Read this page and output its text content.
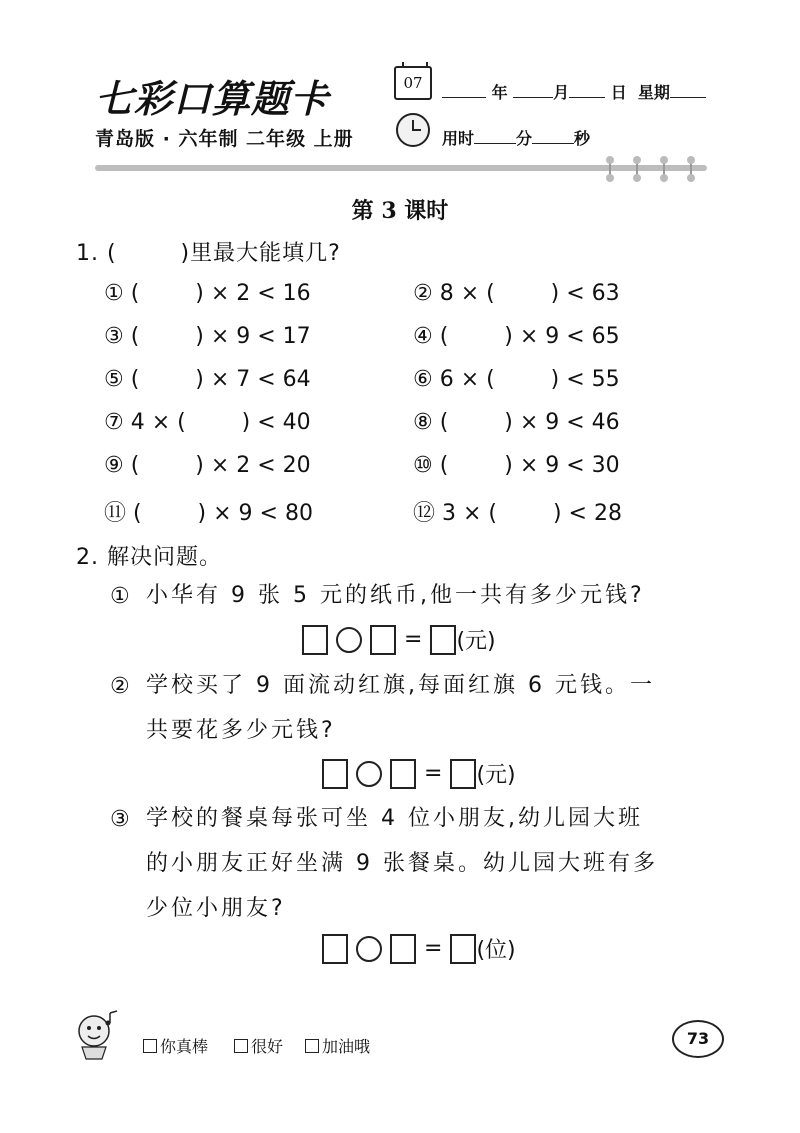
七彩口算题卡
青岛版 · 六年制 二年级 上册
07	年	月	日 星期
用时	分	秒
第 3 课时
1. (        )里最大能填几?
① (        ) × 2 < 16	② 8 × (        ) < 63
③ (        ) × 9 < 17	④ (        ) × 9 < 65
⑤ (        ) × 7 < 64	⑥ 6 × (        ) < 55
⑦ 4 × (        ) < 40	⑧ (        ) × 9 < 46
⑨ (        ) × 2 < 20	⑩ (        ) × 9 < 30
⑪ (        ) × 9 < 80	⑫ 3 × (        ) < 28
2. 解决问题。
① 小华有 9 张 5 元的纸币,他一共有多少元钱?
= (元)
② 学校买了 9 面流动红旗,每面红旗 6 元钱。一
共要花多少元钱?
= (元)
③ 学校的餐桌每张可坐 4 位小朋友,幼儿园大班
的小朋友正好坐满 9 张餐桌。幼儿园大班有多
少位小朋友?
= (位)
你真棒	很好 加油哦	73
